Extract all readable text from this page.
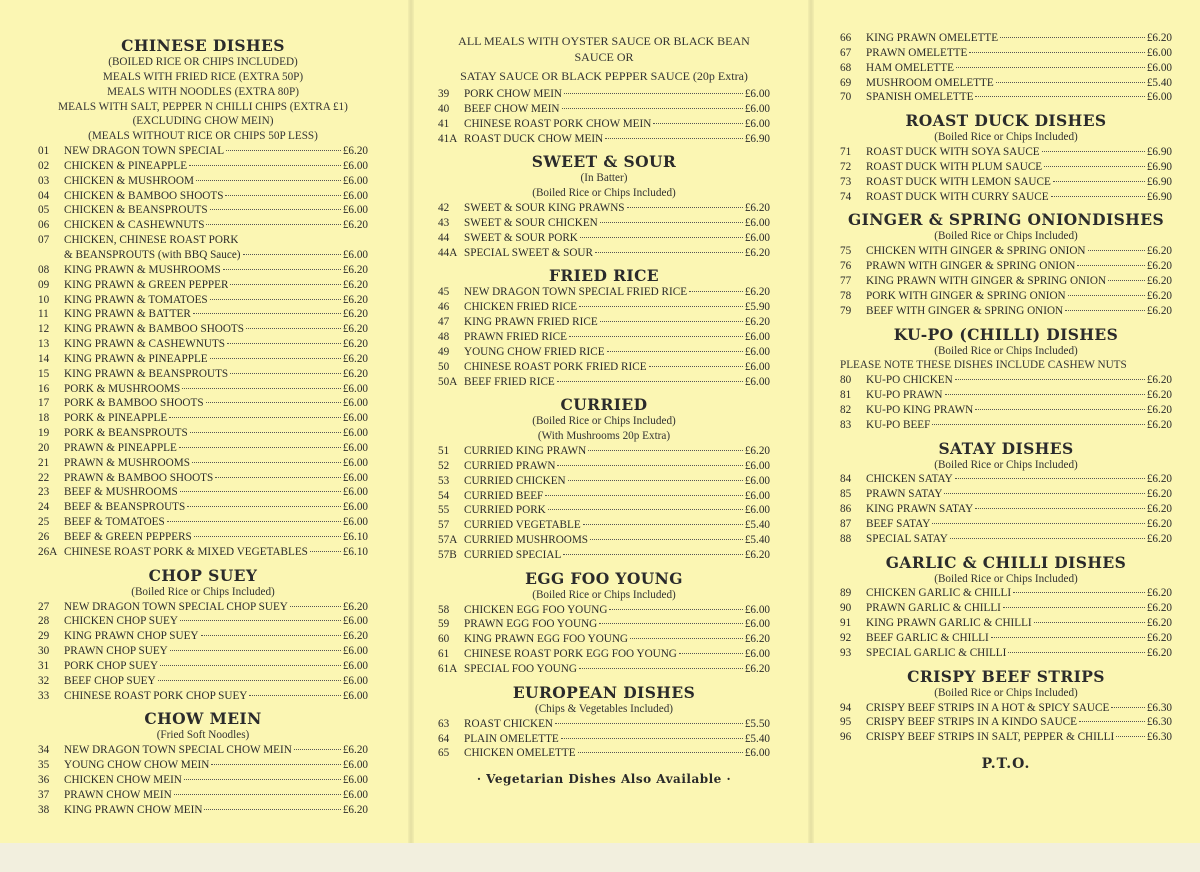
CHINESE DISHES
(BOILED RICE OR CHIPS INCLUDED)
MEALS WITH FRIED RICE (EXTRA 50P)
MEALS WITH NOODLES (EXTRA 80P)
MEALS WITH SALT, PEPPER N CHILLI CHIPS (EXTRA £1)
(EXCLUDING CHOW MEIN)
(MEALS WITHOUT RICE OR CHIPS 50P LESS)
01	NEW DRAGON TOWN SPECIAL	£6.20
02	CHICKEN & PINEAPPLE	£6.00
03	CHICKEN & MUSHROOM	£6.00
04	CHICKEN & BAMBOO SHOOTS	£6.00
05	CHICKEN & BEANSPROUTS	£6.00
06	CHICKEN & CASHEWNUTS	£6.20
07	CHICKEN, CHINESE ROAST PORK
& BEANSPROUTS (with BBQ Sauce)	£6.00
08	KING PRAWN & MUSHROOMS	£6.20
09	KING PRAWN & GREEN PEPPER	£6.20
10	KING PRAWN & TOMATOES	£6.20
11	KING PRAWN & BATTER	£6.20
12	KING PRAWN & BAMBOO SHOOTS	£6.20
13	KING PRAWN & CASHEWNUTS	£6.20
14	KING PRAWN & PINEAPPLE	£6.20
15	KING PRAWN & BEANSPROUTS	£6.20
16	PORK & MUSHROOMS	£6.00
17	PORK & BAMBOO SHOOTS	£6.00
18	PORK & PINEAPPLE	£6.00
19	PORK & BEANSPROUTS	£6.00
20	PRAWN & PINEAPPLE	£6.00
21	PRAWN & MUSHROOMS	£6.00
22	PRAWN & BAMBOO SHOOTS	£6.00
23	BEEF & MUSHROOMS	£6.00
24	BEEF & BEANSPROUTS	£6.00
25	BEEF & TOMATOES	£6.00
26	BEEF & GREEN PEPPERS	£6.10
26A CHINESE ROAST PORK & MIXED VEGETABLES	£6.10
CHOP SUEY
(Boiled Rice or Chips Included)
27	NEW DRAGON TOWN SPECIAL CHOP SUEY	£6.20
28	CHICKEN CHOP SUEY	£6.00
29	KING PRAWN CHOP SUEY	£6.20
30	PRAWN CHOP SUEY	£6.00
31	PORK CHOP SUEY	£6.00
32	BEEF CHOP SUEY	£6.00
33	CHINESE ROAST PORK CHOP SUEY	£6.00
CHOW MEIN
(Fried Soft Noodles)
34	NEW DRAGON TOWN SPECIAL CHOW MEIN	£6.20
35	YOUNG CHOW CHOW MEIN	£6.00
36	CHICKEN CHOW MEIN	£6.00
37	PRAWN CHOW MEIN	£6.00
38	KING PRAWN CHOW MEIN	£6.20
ALL MEALS WITH OYSTER SAUCE OR BLACK BEAN SAUCE OR
SATAY SAUCE OR BLACK PEPPER SAUCE (20p Extra)
39	PORK CHOW MEIN	£6.00
40	BEEF CHOW MEIN	£6.00
41	CHINESE ROAST PORK CHOW MEIN	£6.00
41A ROAST DUCK CHOW MEIN	£6.90
SWEET & SOUR
(In Batter)
(Boiled Rice or Chips Included)
42	SWEET & SOUR KING PRAWNS	£6.20
43	SWEET & SOUR CHICKEN	£6.00
44	SWEET & SOUR PORK	£6.00
44A SPECIAL SWEET & SOUR	£6.20
FRIED RICE
45	NEW DRAGON TOWN SPECIAL FRIED RICE	£6.20
46	CHICKEN FRIED RICE	£5.90
47	KING PRAWN FRIED RICE	£6.20
48	PRAWN FRIED RICE	£6.00
49	YOUNG CHOW FRIED RICE	£6.00
50	CHINESE ROAST PORK FRIED RICE	£6.00
50A BEEF FRIED RICE	£6.00
CURRIED
(Boiled Rice or Chips Included)
(With Mushrooms 20p Extra)
51	CURRIED KING PRAWN	£6.20
52	CURRIED PRAWN	£6.00
53	CURRIED CHICKEN	£6.00
54	CURRIED BEEF	£6.00
55	CURRIED PORK	£6.00
57	CURRIED VEGETABLE	£5.40
57A CURRIED MUSHROOMS	£5.40
57B CURRIED SPECIAL	£6.20
EGG FOO YOUNG
(Boiled Rice or Chips Included)
58	CHICKEN EGG FOO YOUNG	£6.00
59	PRAWN EGG FOO YOUNG	£6.00
60	KING PRAWN EGG FOO YOUNG	£6.20
61	CHINESE ROAST PORK EGG FOO YOUNG	£6.00
61A SPECIAL FOO YOUNG	£6.20
EUROPEAN DISHES
(Chips & Vegetables Included)
63	ROAST CHICKEN	£5.50
64	PLAIN OMELETTE	£5.40
65	CHICKEN OMELETTE	£6.00
· Vegetarian Dishes Also Available ·
66	KING PRAWN OMELETTE	£6.20
67	PRAWN OMELETTE	£6.00
68	HAM OMELETTE	£6.00
69	MUSHROOM OMELETTE	£5.40
70	SPANISH OMELETTE	£6.00
ROAST DUCK DISHES
(Boiled Rice or Chips Included)
71	ROAST DUCK WITH SOYA SAUCE	£6.90
72	ROAST DUCK WITH PLUM SAUCE	£6.90
73	ROAST DUCK WITH LEMON SAUCE	£6.90
74	ROAST DUCK WITH CURRY SAUCE	£6.90
GINGER & SPRING ONIONDISHES
(Boiled Rice or Chips Included)
75	CHICKEN WITH GINGER & SPRING ONION	£6.20
76	PRAWN WITH GINGER & SPRING ONION	£6.20
77	KING PRAWN WITH GINGER & SPRING ONION	£6.20
78	PORK WITH GINGER & SPRING ONION	£6.20
79	BEEF WITH GINGER & SPRING ONION	£6.20
KU-PO (CHILLI) DISHES
(Boiled Rice or Chips Included)
PLEASE NOTE THESE DISHES INCLUDE CASHEW NUTS
80	KU-PO CHICKEN	£6.20
81	KU-PO PRAWN	£6.20
82	KU-PO KING PRAWN	£6.20
83	KU-PO BEEF	£6.20
SATAY DISHES
(Boiled Rice or Chips Included)
84	CHICKEN SATAY	£6.20
85	PRAWN SATAY	£6.20
86	KING PRAWN SATAY	£6.20
87	BEEF SATAY	£6.20
88	SPECIAL SATAY	£6.20
GARLIC & CHILLI DISHES
(Boiled Rice or Chips Included)
89	CHICKEN GARLIC & CHILLI	£6.20
90	PRAWN GARLIC & CHILLI	£6.20
91	KING PRAWN GARLIC & CHILLI	£6.20
92	BEEF GARLIC & CHILLI	£6.20
93	SPECIAL GARLIC & CHILLI	£6.20
CRISPY BEEF STRIPS
(Boiled Rice or Chips Included)
94	CRISPY BEEF STRIPS IN A HOT & SPICY SAUCE	£6.30
95	CRISPY BEEF STRIPS IN A KINDO SAUCE	£6.30
96	CRISPY BEEF STRIPS IN SALT, PEPPER & CHILLI	£6.30
P.T.O.
